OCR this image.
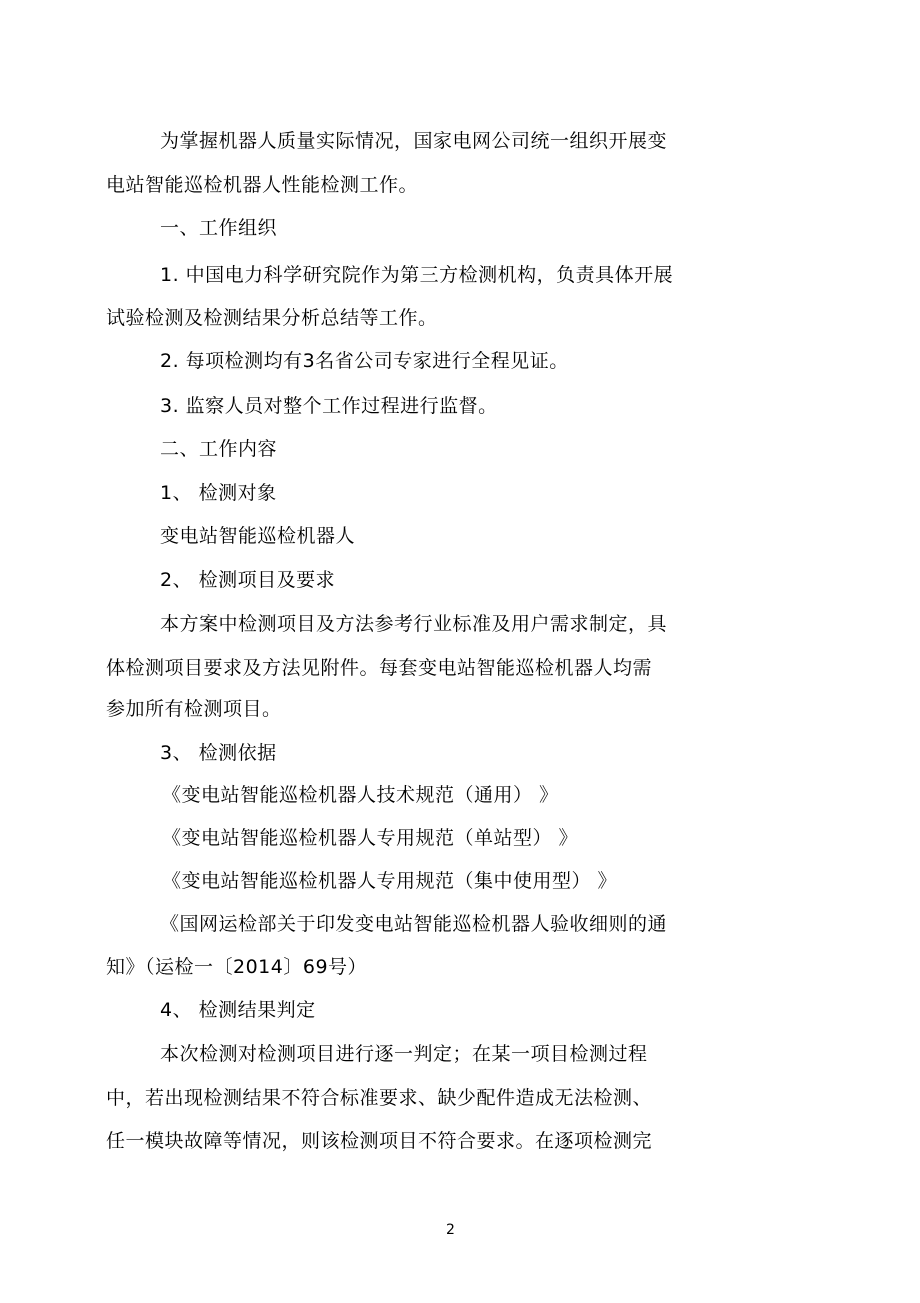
为掌握机器人质量实际情况，国家电网公司统一组织开展变
电站智能巡检机器人性能检测工作。
一、工作组织
1. 中国电力科学研究院作为第三方检测机构，负责具体开展
试验检测及检测结果分析总结等工作。
2. 每项检测均有3名省公司专家进行全程见证。
3. 监察人员对整个工作过程进行监督。
二、工作内容
1、 检测对象
变电站智能巡检机器人
2、 检测项目及要求
本方案中检测项目及方法参考行业标准及用户需求制定，具
体检测项目要求及方法见附件。每套变电站智能巡检机器人均需
参加所有检测项目。
3、 检测依据
《变电站智能巡检机器人技术规范（通用） 》
《变电站智能巡检机器人专用规范（单站型） 》
《变电站智能巡检机器人专用规范（集中使用型） 》
《国网运检部关于印发变电站智能巡检机器人验收细则的通
知》（运检一〔2014〕69号）
4、 检测结果判定
本次检测对检测项目进行逐一判定；在某一项目检测过程
中，若出现检测结果不符合标准要求、缺少配件造成无法检测、
任一模块故障等情况，则该检测项目不符合要求。在逐项检测完
2
